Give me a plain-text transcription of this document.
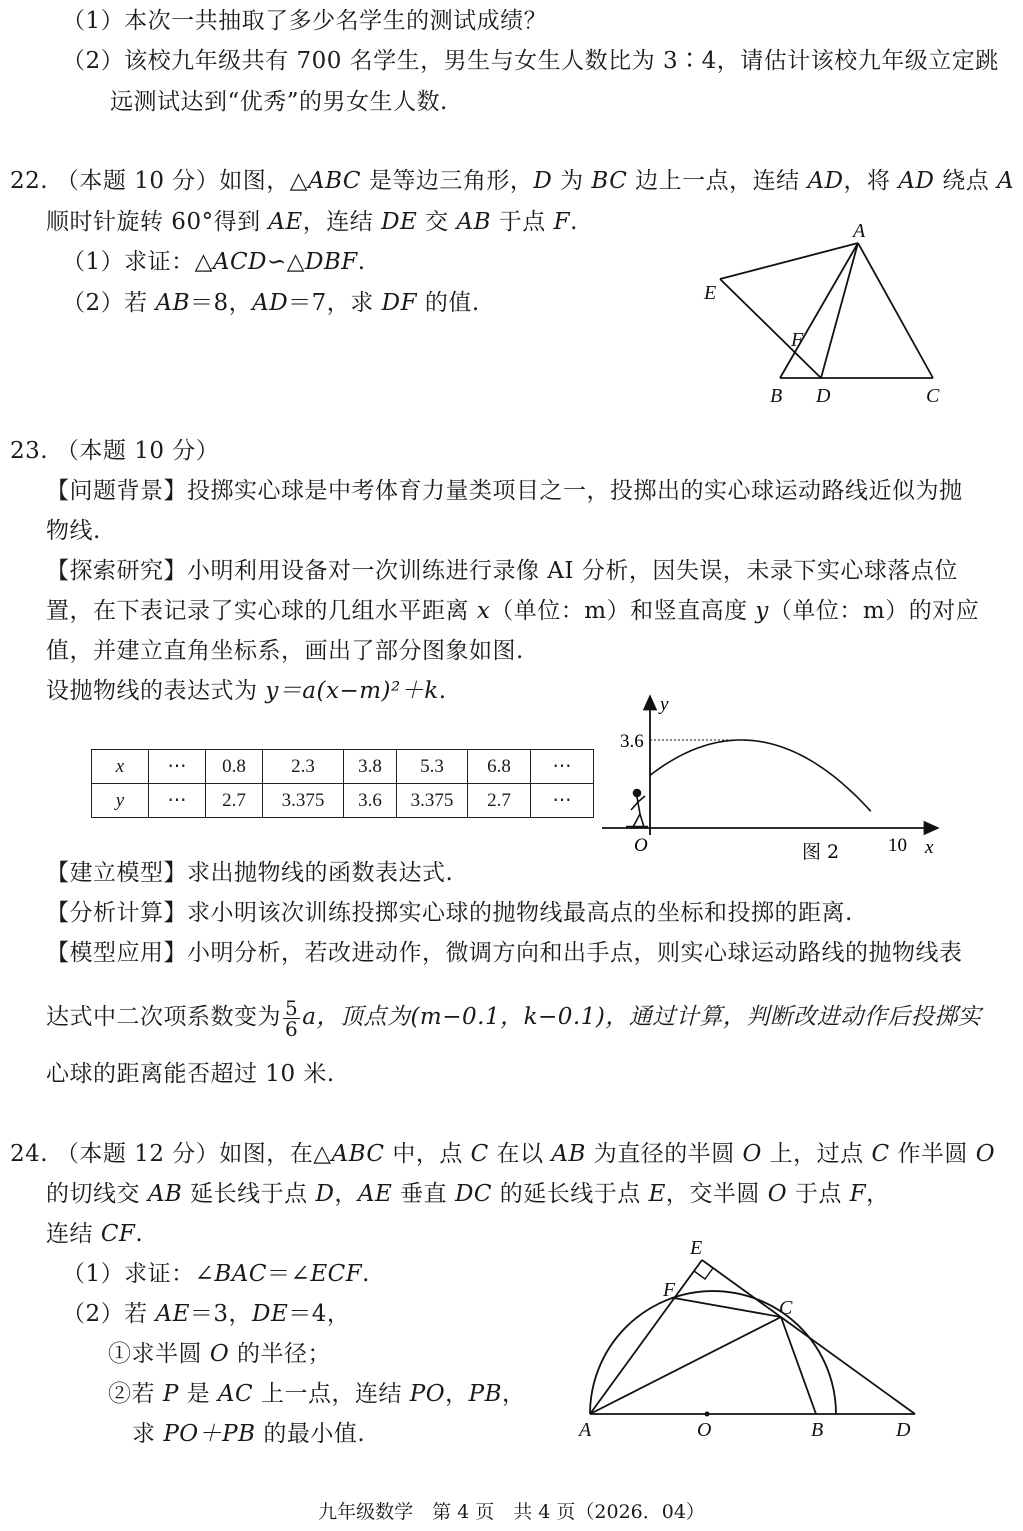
（1）本次一共抽取了多少名学生的测试成绩？
（2）该校九年级共有 700 名学生，男生与女生人数比为 3∶4，请估计该校九年级立定跳
远测试达到“优秀”的男女生人数.
22. （本题 10 分）如图，△ABC 是等边三角形，D 为 BC 边上一点，连结 AD，将 AD 绕点 A
顺时针旋转 60°得到 AE，连结 DE 交 AB 于点 F.
（1）求证：△ACD∽△DBF.
（2）若 AB＝8，AD＝7，求 DF 的值.
A
E
F
B D	C
23. （本题 10 分）
【问题背景】投掷实心球是中考体育力量类项目之一，投掷出的实心球运动路线近似为抛
物线.
【探索研究】小明利用设备对一次训练进行录像 AI 分析，因失误，未录下实心球落点位
置，在下表记录了实心球的几组水平距离 x（单位：m）和竖直高度 y（单位：m）的对应
值，并建立直角坐标系，画出了部分图象如图.
设抛物线的表达式为 y＝a(x−m)²＋k.
x	⋯	0.8	2.3	3.8	5.3	6.8	⋯
y	⋯	2.7	3.375	3.6	3.375	2.7	⋯
3.6
y
O	图 2	10 x
【建立模型】求出抛物线的函数表达式.
【分析计算】求小明该次训练投掷实心球的抛物线最高点的坐标和投掷的距离.
【模型应用】小明分析，若改进动作，微调方向和出手点，则实心球运动路线的抛物线表
达式中二次项系数变为 $\frac{5}{6}$ a，顶点为(m−0.1，k−0.1)，通过计算，判断改进动作后投掷实
心球的距离能否超过 10 米.
24. （本题 12 分）如图，在△ABC 中，点 C 在以 AB 为直径的半圆 O 上，过点 C 作半圆 O
的切线交 AB 延长线于点 D，AE 垂直 DC 的延长线于点 E，交半圆 O 于点 F，
连结 CF.
（1）求证：∠BAC＝∠ECF.
（2）若 AE＝3，DE＝4，
①求半圆 O 的半径；
②若 P 是 AC 上一点，连结 PO，PB，
求 PO＋PB 的最小值.
E
F
C
A	O	B	D
九年级数学　第 4 页　共 4 页（2026．04）
